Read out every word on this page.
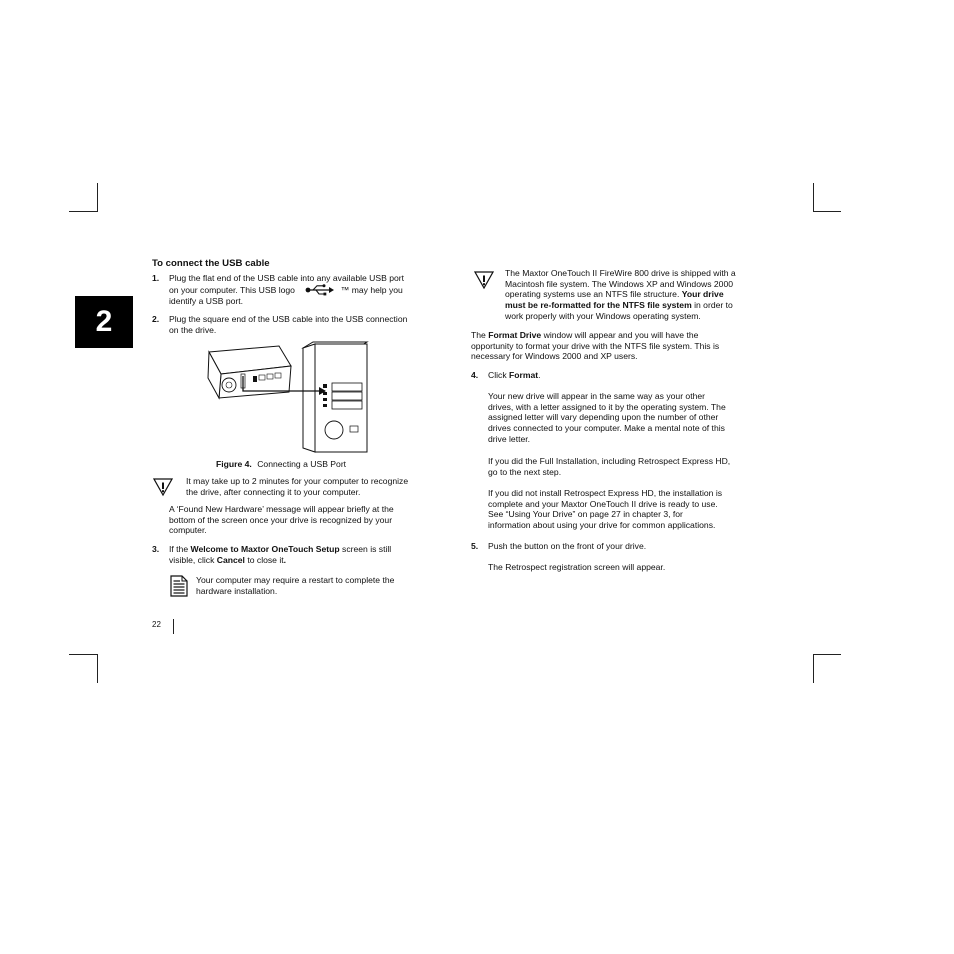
2
To connect the USB cable
1. Plug the flat end of the USB cable into any available USB port
on your computer. This USB logo	™ may help you
identify a USB port.
2. Plug the square end of the USB cable into the USB connection
on the drive.
Figure 4. Connecting a USB Port
It may take up to 2 minutes for your computer to recognize
the drive, after connecting it to your computer.
A ‘Found New Hardware’ message will appear briefly at the
bottom of the screen once your drive is recognized by your
computer.
3. If the Welcome to Maxtor OneTouch Setup screen is still
visible, click Cancel to close it.
Your computer may require a restart to complete the
hardware installation.
22
The Maxtor OneTouch II FireWire 800 drive is shipped with a
Macintosh file system. The Windows XP and Windows 2000
operating systems use an NTFS file structure. Your drive
must be re-formatted for the NTFS file system in order to
work properly with your Windows operating system.
The Format Drive window will appear and you will have the
opportunity to format your drive with the NTFS file system. This is
necessary for Windows 2000 and XP users.
4. Click Format.
Your new drive will appear in the same way as your other
drives, with a letter assigned to it by the operating system. The
assigned letter will vary depending upon the number of other
drives connected to your computer. Make a mental note of this
drive letter.
If you did the Full Installation, including Retrospect Express HD,
go to the next step.
If you did not install Retrospect Express HD, the installation is
complete and your Maxtor OneTouch II drive is ready to use.
See “Using Your Drive” on page 27 in chapter 3, for
information about using your drive for common applications.
5. Push the button on the front of your drive.
The Retrospect registration screen will appear.
